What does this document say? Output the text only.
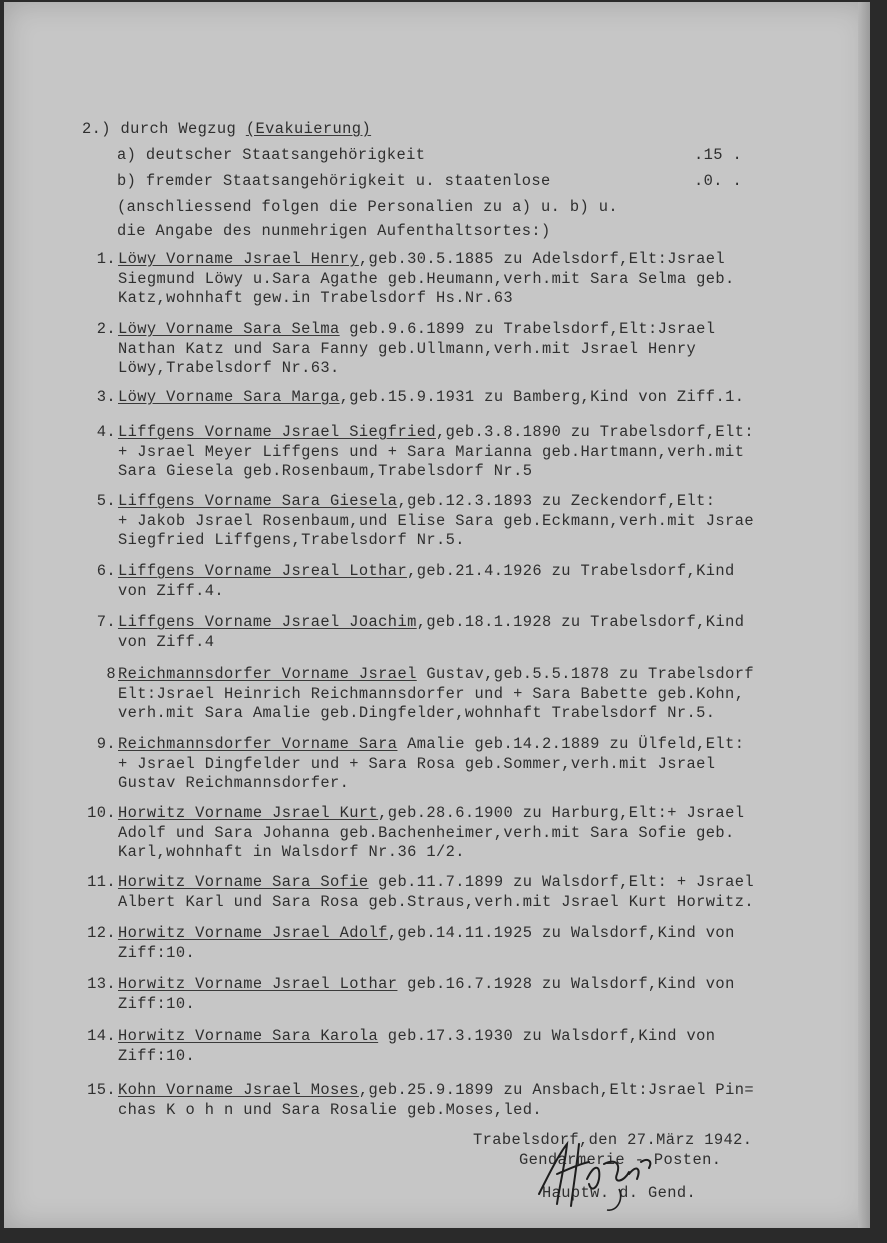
2.) durch Wegzug (Evakuierung)
a) deutscher Staatsangehörigkeit	.15 .
b) fremder Staatsangehörigkeit u. staatenlose	.0. .
(anschliessend folgen die Personalien zu a) u. b) u.
die Angabe des nunmehrigen Aufenthaltsortes:)
1. Löwy Vorname Jsrael Henry,geb.30.5.1885 zu Adelsdorf,Elt:Jsrael
Siegmund Löwy u.Sara Agathe geb.Heumann,verh.mit Sara Selma geb.
Katz,wohnhaft gew.in Trabelsdorf Hs.Nr.63
2. Löwy Vorname Sara Selma geb.9.6.1899 zu Trabelsdorf,Elt:Jsrael
Nathan Katz und Sara Fanny geb.Ullmann,verh.mit Jsrael Henry
Löwy,Trabelsdorf Nr.63.
3. Löwy Vorname Sara Marga,geb.15.9.1931 zu Bamberg,Kind von Ziff.1.
4. Liffgens Vorname Jsrael Siegfried,geb.3.8.1890 zu Trabelsdorf,Elt:
+ Jsrael Meyer Liffgens und + Sara Marianna geb.Hartmann,verh.mit
Sara Giesela geb.Rosenbaum,Trabelsdorf Nr.5
5. Liffgens Vorname Sara Giesela,geb.12.3.1893 zu Zeckendorf,Elt:
+ Jakob Jsrael Rosenbaum,und Elise Sara geb.Eckmann,verh.mit Jsrae
Siegfried Liffgens,Trabelsdorf Nr.5.
6. Liffgens Vorname Jsreal Lothar,geb.21.4.1926 zu Trabelsdorf,Kind
von Ziff.4.
7. Liffgens Vorname Jsrael Joachim,geb.18.1.1928 zu Trabelsdorf,Kind
von Ziff.4
8 Reichmannsdorfer Vorname Jsrael Gustav,geb.5.5.1878 zu Trabelsdorf
Elt:Jsrael Heinrich Reichmannsdorfer und + Sara Babette geb.Kohn,
verh.mit Sara Amalie geb.Dingfelder,wohnhaft Trabelsdorf Nr.5.
9. Reichmannsdorfer Vorname Sara Amalie geb.14.2.1889 zu Ülfeld,Elt:
+ Jsrael Dingfelder und + Sara Rosa geb.Sommer,verh.mit Jsrael
Gustav Reichmannsdorfer.
10. Horwitz Vorname Jsrael Kurt,geb.28.6.1900 zu Harburg,Elt:+ Jsrael
Adolf und Sara Johanna geb.Bachenheimer,verh.mit Sara Sofie geb.
Karl,wohnhaft in Walsdorf Nr.36 1/2.
11. Horwitz Vorname Sara Sofie geb.11.7.1899 zu Walsdorf,Elt: + Jsrael
Albert Karl und Sara Rosa geb.Straus,verh.mit Jsrael Kurt Horwitz.
12. Horwitz Vorname Jsrael Adolf,geb.14.11.1925 zu Walsdorf,Kind von
Ziff:10.
13. Horwitz Vorname Jsrael Lothar geb.16.7.1928 zu Walsdorf,Kind von
Ziff:10.
14. Horwitz Vorname Sara Karola geb.17.3.1930 zu Walsdorf,Kind von
Ziff:10.
15. Kohn Vorname Jsrael Moses,geb.25.9.1899 zu Ansbach,Elt:Jsrael Pin=
chas K o h n und Sara Rosalie geb.Moses,led.
Trabelsdorf,den 27.März 1942.
Gendarmerie - Posten.
Hauptw. d. Gend.
